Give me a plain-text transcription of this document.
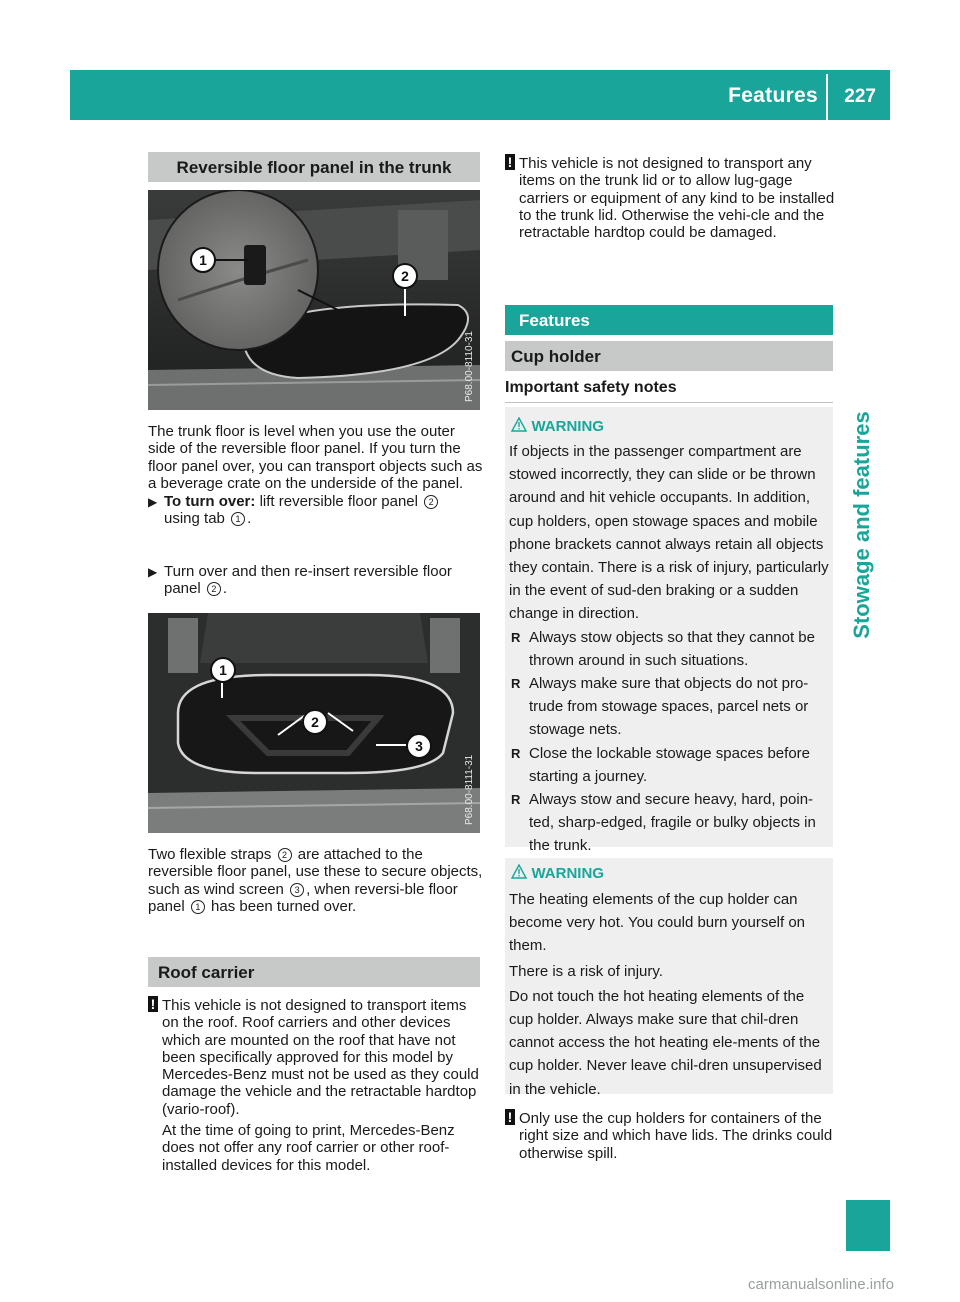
Features 227
Stowage and features
Reversible floor panel in the trunk
1
2
P68.00-8110-31
The trunk floor is level when you use the outer side of the reversible floor panel. If you turn the floor panel over, you can transport objects such as a beverage crate on the underside of the panel.
▶ To turn over: lift reversible floor panel 2
using tab 1 .
▶ Turn over and then re-insert reversible floor
panel 2 .
1
2
3
P68.00-8111-31
Two flexible straps 2 are attached to the reversible floor panel, use these to secure objects, such as wind screen 3 , when reversi-ble floor panel 1 has been turned over.
Roof carrier
! This vehicle is not designed to transport items on the roof. Roof carriers and other devices which are mounted on the roof that have not been specifically approved for this model by Mercedes-Benz must not be used as they could damage the vehicle and the retractable hardtop (vario-roof).

At the time of going to print, Mercedes-Benz does not offer any roof carrier or other roof-installed devices for this model.

! This vehicle is not designed to transport any items on the trunk lid or to allow lug-gage carriers or equipment of any kind to be installed to the trunk lid. Otherwise the vehi-cle and the retractable hardtop could be damaged.

Features
Cup holder
Important safety notes
WARNING

If objects in the passenger compartment are stowed incorrectly, they can slide or be thrown around and hit vehicle occupants. In addition, cup holders, open stowage spaces and mobile phone brackets cannot always retain all objects they contain. There is a risk of injury, particularly in the event of sud-den braking or a sudden change in direction.

R Always stow objects so that they cannot be thrown around in such situations.
R Always make sure that objects do not pro-trude from stowage spaces, parcel nets or stowage nets.
R Close the lockable stowage spaces before starting a journey.
R Always stow and secure heavy, hard, poin-ted, sharp-edged, fragile or bulky objects in the trunk.
WARNING

The heating elements of the cup holder can become very hot. You could burn yourself on them.

There is a risk of injury.

Do not touch the hot heating elements of the cup holder. Always make sure that chil-dren cannot access the hot heating ele-ments of the cup holder. Never leave chil-dren unsupervised in the vehicle.

! Only use the cup holders for containers of the right size and which have lids. The drinks could otherwise spill.

carmanualsonline.info
